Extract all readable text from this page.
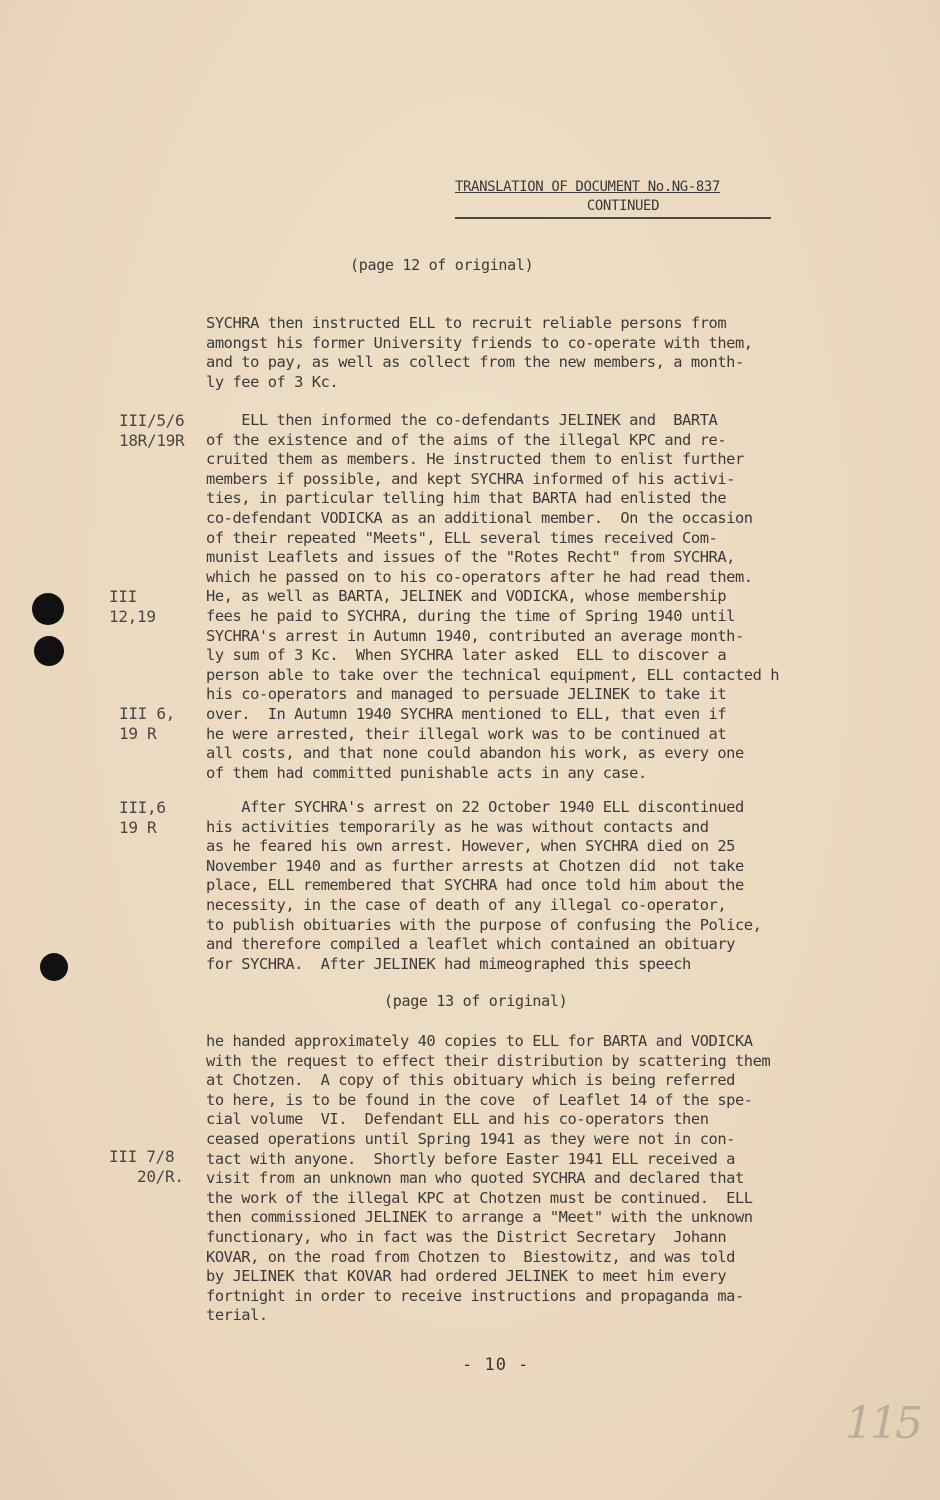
TRANSLATION OF DOCUMENT No.NG-837
CONTINUED
(page 12 of original)
SYCHRA then instructed ELL to recruit reliable persons from
amongst his former University friends to co-operate with them,
and to pay, as well as collect from the new members, a month-
ly fee of 3 Kc.
III/5/6
18R/19R
ELL then informed the co-defendants JELINEK and  BARTA
of the existence and of the aims of the illegal KPC and re-
cruited them as members. He instructed them to enlist further
members if possible, and kept SYCHRA informed of his activi-
ties, in particular telling him that BARTA had enlisted the
co-defendant VODICKA as an additional member.  On the occasion
of their repeated "Meets", ELL several times received Com-
munist Leaflets and issues of the "Rotes Recht" from SYCHRA,
which he passed on to his co-operators after he had read them.
He, as well as BARTA, JELINEK and VODICKA, whose membership
fees he paid to SYCHRA, during the time of Spring 1940 until
SYCHRA's arrest in Autumn 1940, contributed an average month-
ly sum of 3 Kc.  When SYCHRA later asked  ELL to discover a
person able to take over the technical equipment, ELL contacted h
his co-operators and managed to persuade JELINEK to take it
over.  In Autumn 1940 SYCHRA mentioned to ELL, that even if
he were arrested, their illegal work was to be continued at
all costs, and that none could abandon his work, as every one
of them had committed punishable acts in any case.
III
12,19
III 6,
19 R
III,6
19 R
After SYCHRA's arrest on 22 October 1940 ELL discontinued
his activities temporarily as he was without contacts and
as he feared his own arrest. However, when SYCHRA died on 25
November 1940 and as further arrests at Chotzen did  not take
place, ELL remembered that SYCHRA had once told him about the
necessity, in the case of death of any illegal co-operator,
to publish obituaries with the purpose of confusing the Police,
and therefore compiled a leaflet which contained an obituary
for SYCHRA.  After JELINEK had mimeographed this speech
(page 13 of original)
he handed approximately 40 copies to ELL for BARTA and VODICKA
with the request to effect their distribution by scattering them
at Chotzen.  A copy of this obituary which is being referred
to here, is to be found in the cove  of Leaflet 14 of the spe-
cial volume  VI.  Defendant ELL and his co-operators then
ceased operations until Spring 1941 as they were not in con-
tact with anyone.  Shortly before Easter 1941 ELL received a
visit from an unknown man who quoted SYCHRA and declared that
the work of the illegal KPC at Chotzen must be continued.  ELL
then commissioned JELINEK to arrange a "Meet" with the unknown
functionary, who in fact was the District Secretary  Johann
KOVAR, on the road from Chotzen to  Biestowitz, and was told
by JELINEK that KOVAR had ordered JELINEK to meet him every
fortnight in order to receive instructions and propaganda ma-
terial.
III 7/8
20/R.
- 10 -
115
